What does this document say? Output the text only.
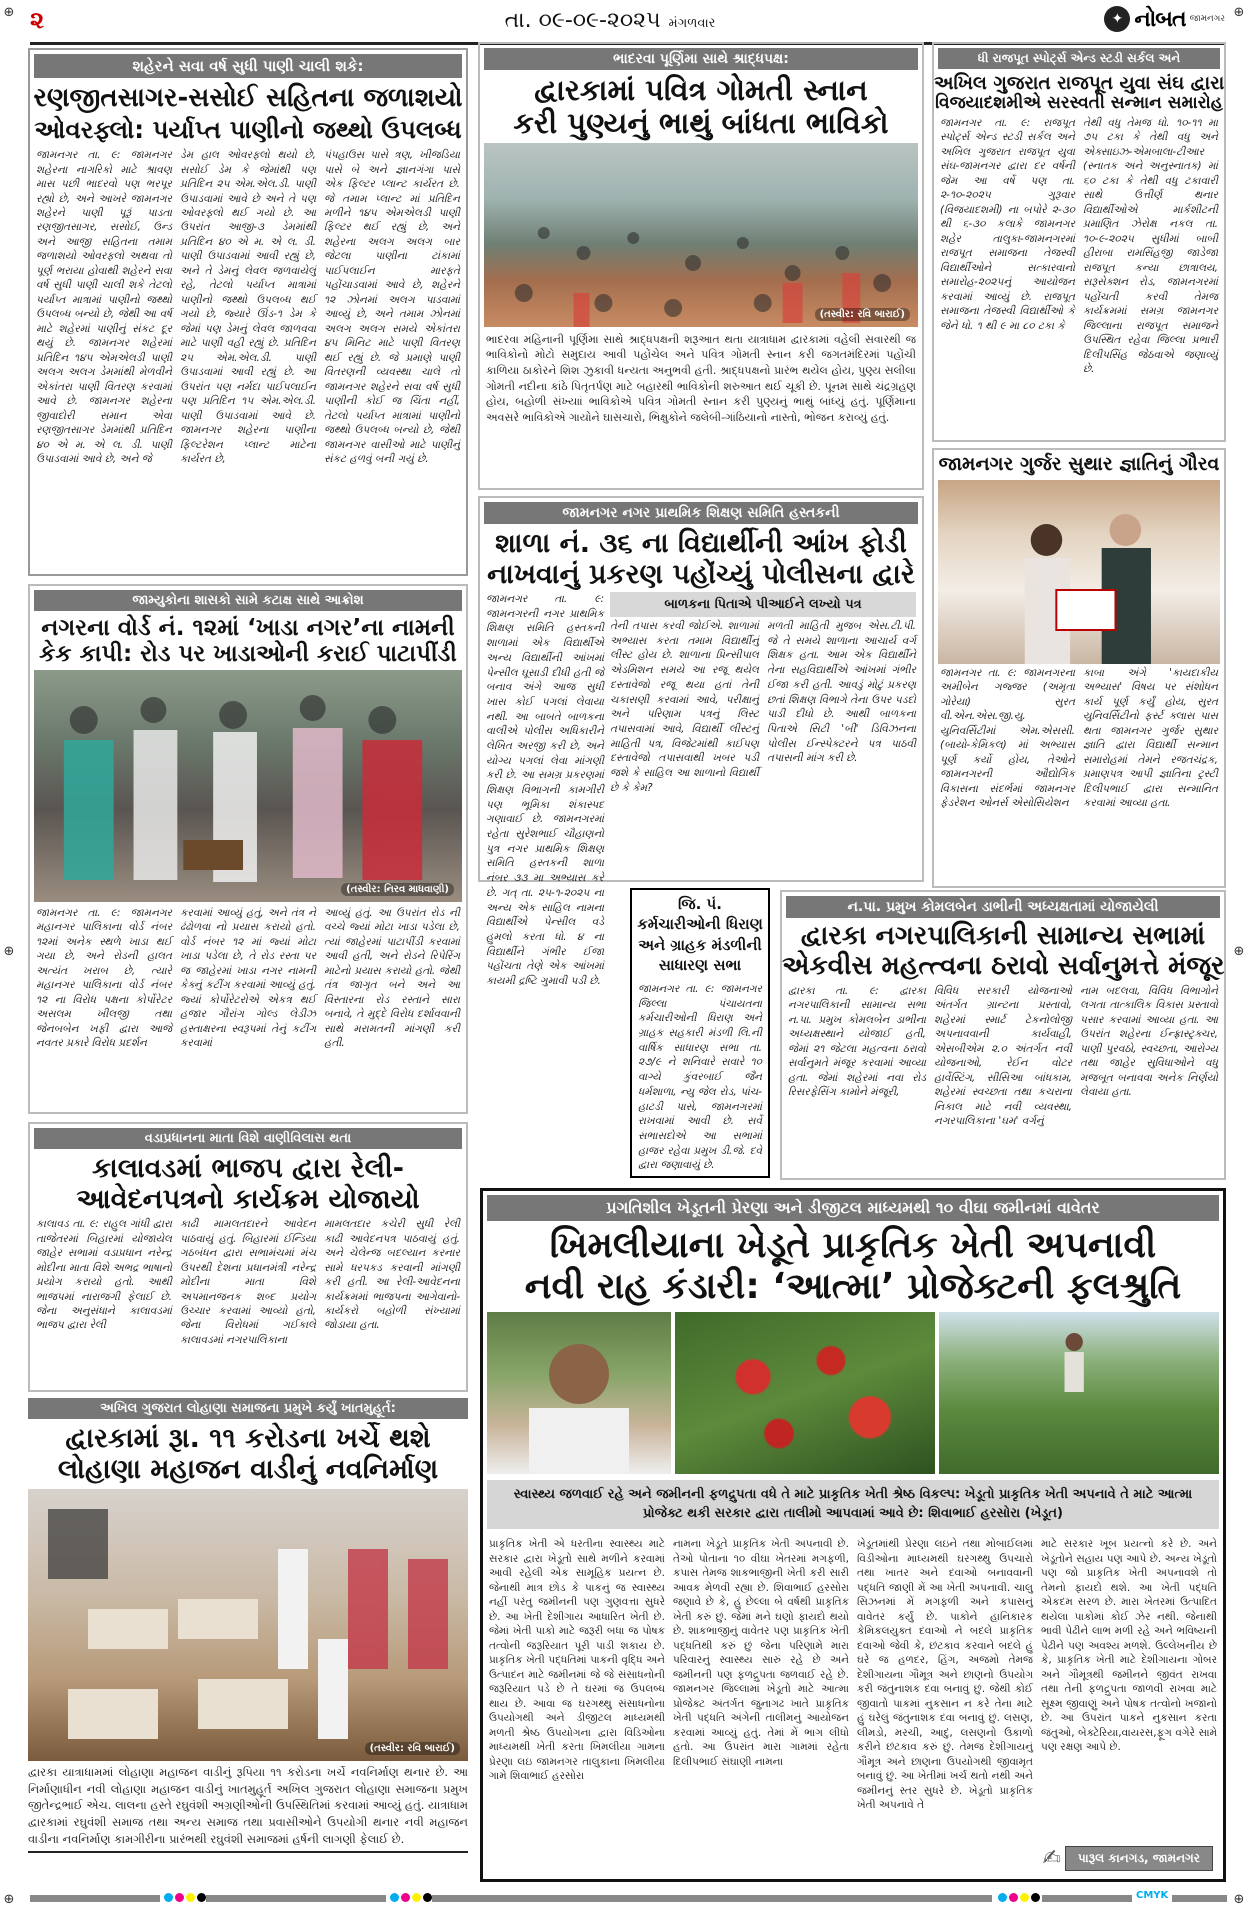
⊕	⊕
⊕	⊕
⊕	⊕
૨	તા. ૦૯-૦૯-૨૦૨૫ મંગળવાર	✦ નોબત જામનગર
શહેરને સવા વર્ષ સુધી પાણી ચાલી શકે:
રણજીતસાગર-સસોઈ સહિતના જળાશયો
ઓવરફ્લો: પર્યાપ્ત પાણીનો જથ્થો ઉપલબ્ધ

જામનગર તા. ૯: જામનગર શહેરના નાગરિકો માટે શ્રાવણ માસ પછી ભાદરવો પણ ભરપૂર રહ્યો છે, અને આખરે જામનગર શહેરને પાણી પૂરૂં પાડતા રણજીતસાગર, સસોઈ, ઉન્ડ અને આજી સહિતના તમામ જળાશયો ઓવરફ્લો અથવા તો પૂર્ણ ભરાયા હોવાથી શહેરને સવા વર્ષ સુધી પાણી ચાલી શકે તેટલો પર્યાપ્ત માત્રામાં પાણીનો જથ્થો ઉપલબ્ધ બન્યો છે, જેથી આ વર્ષ માટે શહેરમાં પાણીનું સંકટ દૂર થયું છે. જામનગર શહેરમાં પ્રતિદિન ૧૪૫ એમએલડી પાણી અલગ અલગ ડેમમાંથી મેળવીને એકાંતરા પાણી વિતરણ કરવામાં આવે છે. જામનગર શહેરના જીવાદોરી સમાન એવા રણજીતસાગર ડેમમાંથી પ્રતિદિન ૪૦ એ મ. એ લ. ડી. પાણી ઉપાડવામાં આવે છે, અને જે

ડેમ હાલ ઓવરફ્લો થયો છે, સસોઈ ડેમ કે જેમાંથી પણ પ્રતિદિન ૨૫ એમ.એલ.ડી. પાણી ઉપાડવામાં આવે છે અને તે પણ ઓવરફ્લો થઈ ગયો છે. આ ઉપરાંત આજી-૩ ડેમમાંથી પ્રતિદિન ૪૦ એ મ. એ લ. ડી. પાણી ઉપાડવામાં આવી રહ્યું છે, અને તે ડેમનું લેવલ જળવાયેલું રહે, તેટલો પર્યાપ્ત માત્રામાં પાણીનો જથ્થો ઉપલબ્ધ થઈ ગયો છે, જ્યારે ઊંડ-૧ ડેમ કે જેમાં પણ ડેમનું લેવલ જાળવવા માટે પાણી વહી રહ્યું છે. પ્રતિદિન ૨૫ એમ.એલ.ડી. પાણી ઉપાડવામાં આવી રહ્યું છે. આ ઉપરાંત પણ નર્મદા પાઈપલાઈન પણ પ્રતિદિન ૧૫ એમ.એલ.ડી. પાણી ઉપાડવામાં આવે છે. જામનગર શહેરના પાણીના ફિલ્ટરેશન પ્લાન્ટ માટેના કાર્યરત છે,

પંપહાઉસ પાસે ત્રણ, ખીજડિયા પાસે બે અને જ્ઞાનગંગા પાસે એક ફિલ્ટર પ્લાન્ટ કાર્યરત છે. જે તમામ પ્લાન્ટ માં પ્રતિદિન મળીને ૧૪૫ એમએલડી પાણી ફિલ્ટર થઈ રહ્યું છે, અને શહેરના અલગ અલગ બાર જેટલા પાણીના ટાંકામાં પાઈપલાઈન મારફતે પહોંચાડવામાં આવે છે, શહેરને ૧૨ ઝોનમાં અલગ પાડવામાં આવ્યું છે, અને તમામ ઝોનમાં અલગ અલગ સમયે એકાંતરા ૪૫ મિનિટ માટે પાણી વિતરણ થઈ રહ્યું છે. જે પ્રમાણે પાણી વિતરણની વ્યવસ્થા ચાલે તો જામનગર શહેરને સવા વર્ષ સુધી પાણીની કોઈ જ ચિંતા નહીં, તેટલો પર્યાપ્ત માત્રામાં પાણીનો જથ્થો ઉપલબ્ધ બન્યો છે, જેથી જામનગર વાસીઓ માટે પાણીનું સંકટ હળવું બની ગયું છે.

ભાદરવા પૂર્ણિમા સાથે શ્રાદ્ધપક્ષ:
દ્વારકામાં પવિત્ર ગોમતી સ્નાન
કરી પુણ્યનું ભાથું બાંધતા ભાવિકો
(તસ્વીર: રવિ બારાઈ)
ભાદરવા મહિનાની પૂર્ણિમા સાથે શ્રાદ્ધપક્ષની શરૂઆત થતા યાત્રાધામ દ્વારકામાં વહેલી સવારથી જ ભાવિકોનો મોટો સમુદાય આવી પહોંચેલ અને પવિત્ર ગોમતી સ્નાન કરી જગતમંદિરમાં પહોંચી કાળિયા ઠાકોરને શિશ ઝુકાવી ધન્યતા અનુભવી હતી. શ્રાદ્ધપક્ષનો પ્રારંભ થયેલ હોય, પુણ્ય સલીલા ગોમતી નદીના કાંઠે પિતૃતર્પણ માટે બહારથી ભાવિકોની શરુઆત થઈ ચૂકી છે. પૂનમ સાથે ચંદ્રગ્રહણ હોય, બહોળી સંખ્યાાં ભાવિકોએ પવિત્ર ગોમતી સ્નાન કરી પુણ્યનું ભાથું બાંધ્યું હતું. પૂર્ણિમાના અવસરે ભાવિકોએ ગાયોને ઘાસચારો, ભિક્ષુકોને જલેબી-ગાંઠિયાનો નાસ્તો, ભોજન કરાવ્યું હતું.
ધી રાજપૂત સ્પોર્ટ્સ એન્ડ સ્ટડી સર્કલ અને
અખિલ ગુજરાત રાજપૂત યુવા સંઘ દ્વારા
વિજયાદશમીએ સરસ્વતી સન્માન સમારોહ

જામનગર તા. ૯: રાજપૂત સ્પોર્ટ્સ એન્ડ સ્ટડી સર્કલ અને અખિલ ગુજરાત રાજપૂત યુવા સંઘ-જામનગર દ્વારા દર વર્ષની જેમ આ વર્ષે પણ તા. ૨-૧૦-૨૦૨૫ ગુરૂવાર (વિજયાદશમી) ના બપોરે ૨-૩૦ થી ૬-૩૦ કલાકે જામનગર શહેર તાલુકા-જામનગરમાં રાજપૂત સમાજના તેજસ્વી વિદ્યાર્થીઓને સત્કારવાનો સમારોહ-૨૦૨૫નું આયોજન કરવામાં આવ્યું છે. રાજપૂત સમાજના તેજસ્વી વિદ્યાર્થીઓ કે જેને ધો. ૧ થી ૯ મા ૮૦ ટકા કે

તેથી વધુ તેમજ ધો. ૧૦-૧૧ મા ૭૫ ટકા કે તેથી વધુ અને એક્સાઇઝ-એમબાલા-ટીઆર (સ્નાતક અને અનુસ્નાતક) માં ૬૦ ટકા કે તેથી વધુ ટકાવારી સાથે ઉત્તીર્ણ થનાર વિદ્યાર્થીઓએ માર્કશીટની પ્રમાણિત ઝેરોક્ષ નકલ તા. ૧૦-૯-૨૦૨૫ સુધીમાં બાબી હીરાબા રામસિંહજી જાડેજા રાજપૂત કન્યા છાત્રાલય, સરૂસેક્શન રોડ, જામનગરમાં પહોંચતી કરવી તેમજ કાર્યક્રમમાં સમગ્ર જામનગર જિલ્લાના રાજપૂત સમાજને ઉપસ્થિત રહેવા જિલ્લા પ્રભારી દિલીપસિંહ જેઠવાએ જણાવ્યું છે.

જામનગર ગુર્જર સુથાર જ્ઞાતિનું ગૌરવ

જામનગર તા. ૯: જામનગરના અમીબેન ગજ્જર (અમૃતા ગોરેયા) સુરત વી.એન.એસ.જી.યુ. યુનિવર્સિટીમાં એમ.એસસી. (બાયો-કેમિકલ) માં અભ્યાસ પૂર્ણ કર્યો હોય, તેઓને જામનગરની ઔદ્યોગિક વિકાસના સંદર્ભમાં જામનગર ફેડરેશન ઓનર્સ એસોસિયેશન

કાબા અંગે 'કાયદાકીય અભ્યાસ' વિષય પર સંશોધન કાર્ય પૂર્ણ કર્યું હોય, સુરત યુનિવર્સિટીનો ફર્સ્ટ ક્લાસ પાસ થતા જામનગર ગુર્જર સુથાર જ્ઞાતિ દ્વારા વિદ્યાર્થી સન્માન સમારોહમાં તેમને રજતચંદ્રક, પ્રમાણપત્ર આપી જ્ઞાતિના ટ્રસ્ટી દિલીપભાઈ દ્વારા સન્માનિત કરવામાં આવ્યા હતા.

જામનગર નગર પ્રાથમિક શિક્ષણ સમિતિ હસ્તકની
શાળા નં. ૩૬ ના વિદ્યાર્થીની આંખ ફોડી
નાખવાનું પ્રકરણ પહોંચ્યું પોલીસના દ્વારે

જામનગર તા. ૯: જામનગરની નગર પ્રાથમિક શિક્ષણ સમિતિ હસ્તકની શાળામાં એક વિદ્યાર્થીએ અન્ય વિદ્યાર્થીની આંખમાં પેન્સીલ ઘૂસાડી દીધી હતી જે બનાવ અંગે આજ સુધી ખાસ કોઈ પગલાં લેવાયા નથી. આ બાબતે બાળકના વાલીએ પોલીસ અધિકારીને લેખિત અરજી કરી છે, અને યોગ્ય પગલાં લેવા માંગણી કરી છે. આ સમગ્ર પ્રકરણમાં શિક્ષણ વિભાગની કામગીરી પણ ભૂમિકા શંકાસ્પદ ગણાવાઈ છે. જામનગરમાં રહેતા સુરેશભાઈ ચૌહાણનો પુત્ર નગર પ્રાથમિક શિક્ષણ સમિતિ હસ્તકની શાળા નંબર ૩૩ મા અભ્યાસ કરે છે. ગત્ તા. ૨૫-૧-૨૦૨૫ ના અન્ય એક સાહિલ નામના વિદ્યાર્થીએ પેન્સીલ વડે હુમલો કરતા ધો. ૪ ના વિદ્યાર્થીને ગંભીર ઈજા પહોંચતા તેણે એક આંખમાં કાયમી દ્રષ્ટિ ગુમાવી પડી છે.

બાળકના પિતાએ પીઆઈને લખ્યો પત્ર

તેની તપાસ કરવી જોઈએ. શાળામાં અભ્યાસ કરતા તમામ વિદ્યાર્થીનું લીસ્ટ હોય છે. શાળાના પ્રિન્સીપાલ એડમિશન સમયે આ રજૂ થયેલ દસ્તાવેજો રજૂ થયા હતાં તેની ચકાસણી કરવામાં આવે, પરીક્ષાનું અને પરિણામ પત્રનું લિસ્ટ તપાસવામાં આવે, વિદ્યાર્થી લીસ્ટનું માહિતી પત્ર, વિજેટમાંથી કાઈપણ દસ્તાવેજો તપાસવાથી ખબર પડી જશે કે સાહિલ આ શાળાનો વિદ્યાર્થી છે કે કેમ?

મળતી માહિતી મુજબ એસ.ટી.પી. જે તે સમયે શાળાના આચાર્ય વર્ગ શિક્ષક હતા. આમ એક વિદ્યાર્થીને તેના સહવિદ્યાર્થીએ આંખમાં ગંભીર ઈજા કરી હતી. આવડું મોટું પ્રકરણ છતાં શિક્ષણ વિભાગે તેના ઉપર પડદો પાડી દીધો છે. આથી બાળકના પિતાએ સિટી 'બી' ડિવિઝનના પોલીસ ઈન્સ્પેક્ટરને પત્ર પાઠવી તપાસની માંગ કરી છે.

જામ્યુકોના શાસકો સામે કટાક્ષ સાથે આક્રોશ
નગરના વોર્ડ નં. ૧૨માં ‘ખાડા નગર’ના નામની
કેક કાપી: રોડ પર ખાડાઓની કરાઈ પાટાપીંડી
(તસ્વીર: નિરવ માધવાણી)

જામનગર તા. ૯: જામનગર મહાનગર પાલિકાના વોર્ડ નંબર ૧૨માં અનેક સ્થળે ખાડા થઈ ગયા છે, અને રોડની હાલત અત્યંત ખરાબ છે, ત્યારે મહાનગર પાલિકાના વોર્ડ નંબર ૧૨ ના વિરોધ પક્ષના કોર્પોરેટર અસલમ ખીલજી તથા જેનબબેન ખફી દ્વારા આજે નવતર પ્રકારે વિરોધ પ્રદર્શન

કરવામાં આવ્યું હતું, અને તંત્ર ને ઢંઢોળવા નો પ્રયાસ કરાયો હતો. વોર્ડ નંબર ૧૨ માં જ્યાં મોટા ખાડા પડેલા છે, તે રોડ રસ્તા પર જ જાહેરમાં ખાડા નગર નામની કેક્નું કટીંગ કરવામાં આવ્યું હતું. જ્યાં કોર્પોરેટરોએ એકત્ર થઈ હજાર ગૌરાંગ ગોલ્ડ લેડીઝ હસ્તાક્ષરના સ્વરૂપમાં તેનું કટીંગ કરવામાં

આવ્યું હતું. આ ઉપરાંત રોડ ની વચ્ચે જ્યાં મોટા ખાડા પડેલા છે, ત્યાં જાહેરમાં પાટાપીંડી કરવામાં આવી હતી, અને રોડને રિપેરિંગ માટેનો પ્રયાસ કરાયો હતો. જેથી તંત્ર જાગૃત બને અને આ વિસ્તારના રોડ રસ્તાને સારા બનાવે, તે મુદ્દે વિરોધ દર્શાવવાની સાથે મરામતની માંગણી કરી હતી.

જિ. પં. કર્મચારીઓની ધિરાણ અને ગ્રાહક મંડળીની સાધારણ સભા
જામનગર તા. ૯: જામનગર જિલ્લા પંચાયતના કર્મચારીઓની ધિરાણ અને ગ્રાહક સહકારી મંડળી લિ.ની વાર્ષિક સાધારણ સભા તા. ૨૭/૯ ને શનિવારે સવારે ૧૦ વાગ્યે કુંવરબાઈ જૈન ધર્મશાળા, ન્યુ જેલ રોડ, પાંચ-હાટડી પાસે, જામનગરમાં રાખવામાં આવી છે. સર્વે સભાસદોએ આ સભામાં હાજર રહેવા પ્રમુખ ડી.જે. દવે દ્વારા જણાવાયું છે.
ન.પા. પ્રમુખ કોમલબેન ડાભીની અધ્યક્ષતામાં યોજાયેલી
દ્વારકા નગરપાલિકાની સામાન્ય સભામાં
એકવીસ મહત્ત્વના ઠરાવો સર્વાનુમત્તે મંજૂર

દ્વારકા તા. ૯: દ્વારકા નગરપાલિકાની સામાન્ય સભા ન.પા. પ્રમુખ કોમલબેન ડાભીના અધ્યક્ષસ્થાને યોજાઈ હતી, જેમાં ૨૧ જેટલા મહત્વના ઠરાવો સર્વાનુમતે મંજૂર કરવામાં આવ્યા હતા. જેમાં શહેરમાં નવા રોડ રિસરફેસિંગ કામોને મંજૂરી,

વિવિધ સરકારી યોજનાઓ અંતર્ગત ગ્રાન્ટના પ્રસ્તાવો, શહેરમાં સ્માર્ટ ટેકનોલોજી અપનાવવાની કાર્યવાહી, એસબીએમ ૨.૦ અંતર્ગત નવી યોજનાઓ, રેઈન વોટર હાર્વેસ્ટિંગ, સીસિઆ બાંધકામ, શહેરમાં સ્વચ્છતા તથા કચરાના નિકાલ માટે નવી વ્યવસ્થા, નગરપાલિકાના 'ઘમ' વર્ગનું

નામ બદલવા, વિવિધ વિભાગોને લગતા તાત્કાલિક વિકાસ પ્રસ્તાવો પસાર કરવામાં આવ્યા હતા. આ ઉપરાંત શહેરના ઈન્ફ્રાસ્ટ્રક્ચર, પાણી પુરવઠો, સ્વચ્છતા, આરોગ્ય તથા જાહેર સુવિધાઓને વધુ મજબૂત બનાવવા અનેક નિર્ણયો લેવાયા હતા.

વડાપ્રધાનના માતા વિશે વાણીવિલાસ થતા
કાલાવડમાં ભાજપ દ્વારા રેલી-
આવેદનપત્રનો કાર્યક્રમ યોજાયો

કાલાવડ તા. ૯: રાહુલ ગાંધી દ્વારા તાજેતરમાં બિહારમાં યોજાયેલ જાહેર સભામાં વડાપ્રધાન નરેન્દ્ર મોદીના માતા વિશે અભદ્ર ભાષાનો પ્રયોગ કરાયો હતો. આથી ભાજપમાં નારાજગી ફેલાઈ છે. જેના અનુસંધાને કાલાવડમાં ભાજપ દ્વારા રેલી

કાઢી મામલતદારને આવેદન પાઠવાયું હતું. બિહારમાં ઈન્ડિયા ગઠબંધન દ્વારા સભામંચમાં મંચ ઉપરથી દેશના પ્રધાનમંત્રી નરેન્દ્ર મોદીના માતા વિશે અપમાનજનક શબ્દ પ્રયોગ ઉચ્ચાર કરવામાં આવ્યો હતો, જેના વિરોધમાં ગઈકાલે કાલાવડમાં નગરપાલિકાના

મામલતદાર કચેરી સુધી રેલી કાઢી આવેદનપત્ર પાઠવાયું હતું. અને ચેલેન્જ બદલ્યાન કરનાર સામે ધરપકડ કરવાની માંગણી કરી હતી. આ રેલી-આવેદનના કાર્યક્રમમાં ભાજપના આગેવાનો-કાર્યકરો બહોળી સંખ્યામાં જોડાયા હતા.

અખિલ ગુજરાત લોહાણા સમાજના પ્રમુખે કર્યું ખાતમુહૂર્ત:
દ્વારકામાં રૂા. ૧૧ કરોડના ખર્ચે થશે
લોહાણા મહાજન વાડીનું નવનિર્માણ
(તસ્વીર: રવિ બારાઈ)
દ્વારકા યાત્રાધામમાં લોહાણા મહાજન વાડીનું રૂપિયા ૧૧ કરોડના ખર્ચે નવનિર્માણ થનાર છે. આ નિર્માણાધીન નવી લોહાણા મહાજન વાડીનું ખાતમુહૂર્ત અખિલ ગુજરાત લોહાણા સમાજના પ્રમુખ જીતેન્દ્રભાઈ એચ. લાલના હસ્તે રઘુવંશી અગ્રણીઓની ઉપસ્થિતિમાં કરવામાં આવ્યું હતું. યાત્રાધામ દ્વારકામાં રઘુવંશી સમાજ તથા અન્ય સમાજ તથા પ્રવાસીઓને ઉપયોગી થનાર નવી મહાજન વાડીના નવનિર્માણ કામગીરીના પ્રારંભથી રઘુવંશી સમાજમાં હર્ષની લાગણી ફેલાઈ છે.
પ્રગતિશીલ ખેડૂતની પ્રેરણા અને ડીજીટલ માધ્યમથી ૧૦ વીઘા જમીનમાં વાવેતર
ખિમલીયાના ખેડૂતે પ્રાકૃતિક ખેતી અપનાવી
નવી રાહ કંડારી: ‘આત્મા’ પ્રોજેક્ટની ફલશ્રુતિ
સ્વાસ્થ્ય જળવાઈ રહે અને જમીનની ફળદ્રુપતા વધે તે માટે પ્રાકૃતિક ખેતી શ્રેષ્ઠ વિકલ્પ: ખેડૂતો પ્રાકૃતિક ખેતી અપનાવે તે માટે આત્મા પ્રોજેક્ટ થકી સરકાર દ્વારા તાલીમો આપવામાં આવે છે: શિવાભાઈ હરસોરા (ખેડૂત)

પ્રાકૃતિક ખેતી એ ધરતીના સ્વાસ્થ્ય માટે સરકાર દ્વારા ખેડૂતો સાથે મળીને કરવામાં આવી રહેલી એક સામૂહિક પ્રયત્ન છે. જેનાથી માત્ર છોડ કે પાકનું જ સ્વાસ્થ્ય નહીં પરંતુ જમીનની પણ ગુણવત્તા સુધરે છે. આ ખેતી દેશીગાય આધારિત ખેતી છે. જેમાં ખેતી પાકો માટે જરૂરી બધા જ પોષક તત્વોની જરૂરિયાત પૂરી પાડી શકાય છે. પ્રાકૃતિક ખેતી પદ્ધતિમાં પાકની વૃદ્ધિ અને ઉત્પાદન માટે જમીનમાં જે જે સંસાધનોની જરૂરિયાત પડે છે તે ઘરમાં જ ઉપલબ્ધ થાય છે. આવા જ ઘરગથ્થુ સંસાધનોના ઉપયોગથી અને ડીજીટલ માધ્યમથી મળતી શ્રેષ્ઠ ઉપયોગના દ્વારા વિડિઓના માધ્યમથી ખેતી કરતા ખિમલીયા ગામના પ્રેરણા લઇ જામનગર તાલુકાના ખિમલીયા ગામે શિવાભાઈ હરસોરા

નામના ખેડૂતે પ્રાકૃતિક ખેતી અપનાવી છે. તેઓ પોતાના ૧૦ વીઘા ખેતરમાં મગફળી, કપાસ તેમજ શાકભાજીની ખેતી કરી સારી આવક મેળવી રહ્યા છે. શિવાભાઈ હરસોરા જણાવે છે કે, હું છેલ્લા બે વર્ષથી પ્રાકૃતિક ખેતી કરું છું. જેમાં મને ઘણો ફાયદો થયો છે. શાકભાજીનું વાવેતર પણ પ્રાકૃતિક ખેતી પદ્ધતિથી કરું છું જેના પરિણામે મારા પરિવારનું સ્વાસ્થ્ય સારું રહે છે અને જમીનની પણ ફળદ્રુપતા જળવાઈ રહે છે. જામનગર જિલ્લામાં ખેડૂતો માટે આત્મા પ્રોજેક્ટ અંતર્ગત જુનાગઢ ખાતે પ્રાકૃતિક ખેતી પદ્ધતિ અંગેની તાલીમનું આયોજન કરવામાં આવ્યું હતું. તેમાં મેં ભાગ લીધો હતો. આ ઉપરાંત મારા ગામમાં રહેતા દિલીપભાઈ સંઘાણી નામના

ખેડૂતમાંથી પ્રેરણા લઇને તથા મોબાઈલમાં વિડીઓના માધ્યમથી ઘરગથ્થુ ઉપચારો તથા ખાતર અને દવાઓ બનાવવાની પદ્ધતિ જાણી મેં આ ખેતી અપનાવી. ચાલુ સિઝનમાં મેં મગફળી અને કપાસનું વાવેતર કર્યું છે. પાકોને હાનિકારક કેમિકલયુક્ત દવાઓ ને બદલે પ્રાકૃતિક દવાઓ જેવી કે, છંટકાવ કરવાને બદલે હું ઘરે જ હળદર, હિંગ, અજમો તેમજ દેશીગાયના ગૌમૂત્ર અને છાણનો ઉપયોગ કરી જંતુનાશક દવા બનાવું છું. જેથી કોઈ જીવાતો પાકમાં નુકસાન ન કરે તેના માટે હું ઘરેલું જંતુનાશક દવા બનાવું છું. લસણ, લીમડો, મરચી, આદું, લસણનો ઉકાળો કરીને છંટકાવ કરું છું. તેમજ દેશીગાયનું ગૌમૂત્ર અને છાણના ઉપયોગથી જીવામૃત બનાવું છું. આ ખેતીમાં ખર્ચ થતો નથી અને જમીનનું સ્તર સુધરે છે. ખેડૂતો પ્રાકૃતિક ખેતી અપનાવે તે

માટે સરકાર ખૂબ પ્રયત્નો કરે છે. અને ખેડૂતોને સહાય પણ આપે છે. અન્ય ખેડૂતો પણ જો પ્રાકૃતિક ખેતી અપનાવશે તો તેમનો ફાયદો થશે. આ ખેતી પદ્ધતિ એકદમ સરળ છે. મારા ખેતરમાં ઉત્પાદિત થયેલા પાકોમાં કોઈ ઝેર નથી. જેનાથી ભાવી પેઢીને લાભ મળી રહે અને ભવિષ્યની પેઢીને પણ અવશ્ય મળશે. ઉલ્લેખનીય છે કે, પ્રાકૃતિક ખેતી માટે દેશીગાયના ગોબર અને ગૌમૂત્રથી જમીનને જીવંત રાખવા તથા તેની ફળદ્રુપતા જાળવી રાખવા માટે સૂક્ષ્મ જીવાણું અને પોષક તત્વોનો ખજાનો છે. આ ઉપરાંત પાકને નુકસાન કરતા જંતુઓ, બેક્ટેરિયા,વાયરસ,ફૂગ વગેરે સામે પણ રક્ષણ આપે છે.

✍	પારૂલ કાનગડ, જામનગર
CMYK
